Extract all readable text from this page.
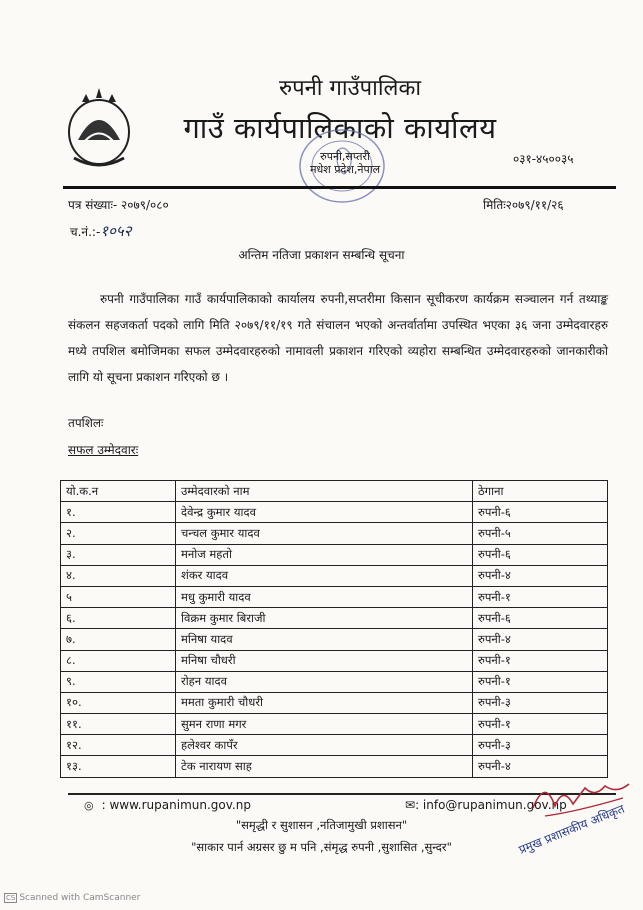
रुपनी गाउँपालिका
गाउँ कार्यपालिकाको कार्यालय
०३१-४५००३५
रुपनी,सप्तरी
मधेश प्रदेश,नेपाल
पत्र संख्याः- २०७९/०८०	मितिः२०७९/११/२६
च.नं.:-१०५२
अन्तिम नतिजा प्रकाशन सम्बन्धि सूचना
रुपनी गाउँपालिका गाउँ कार्यपालिकाको कार्यालय रुपनी,सप्तरीमा किसान सूचीकरण कार्यक्रम सञ्चालन गर्न तथ्याङ्क संकलन सहजकर्ता पदको लागि मिति २०७९/११/१९ गते संचालन भएको अन्तर्वार्तामा उपस्थित भएका ३६ जना उम्मेदवारहरु मध्ये तपशिल बमोजिमका सफल उम्मेदवारहरुको नामावली प्रकाशन गरिएको व्यहोरा सम्बन्धित उम्मेदवारहरुको जानकारीको लागि यो सूचना प्रकाशन गरिएको छ ।
तपशिलः
सफल उम्मेदवारः
यो.क.न	उम्मेदवारको नाम	ठेगाना
१.	देवेन्द्र कुमार यादव	रुपनी-६
२.	चन्चल कुमार यादव	रुपनी-५
३.	मनोज महतो	रुपनी-६
४.	शंकर यादव	रुपनी-४
५	मधु कुमारी यादव	रुपनी-१
६.	विक्रम कुमार बिराजी	रुपनी-६
७.	मनिषा यादव	रुपनी-४
८.	मनिषा चौधरी	रुपनी-१
९.	रोहन यादव	रुपनी-१
१०.	ममता कुमारी चौधरी	रुपनी-३
११.	सुमन राणा मगर	रुपनी-१
१२.	हलेश्वर कापँर	रुपनी-३
१३.	टेक नारायण साह	रुपनी-४
◎ : www.rupanimun.gov.np	✉: info@rupanimun.gov.np
"समृद्धी र सुशासन ,नतिजामुखी प्रशासन"
"साकार पार्न अग्रसर छु म पनि ,संमृद्ध रुपनी ,सुशासित ,सुन्दर"	प्रमुख प्रशासकीय अधिकृत
CS Scanned with CamScanner
